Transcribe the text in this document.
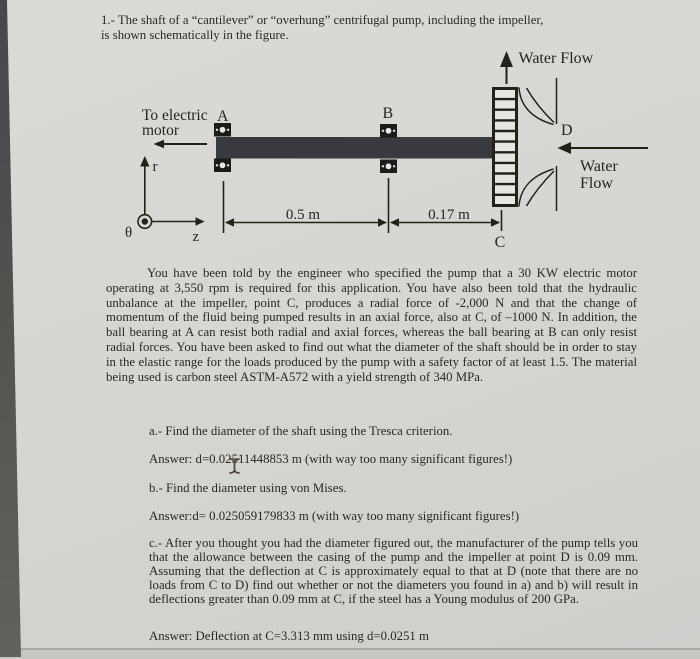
1.- The shaft of a “cantilever” or “overhung” centrifugal pump, including the impeller,
is shown schematically in the figure.
Water Flow
Water
Flow
To electric
motor
A	B
C
D
r
z
θ
0.5 m	0.17 m
You have been told by the engineer who specified the pump that a 30 KW electric motor operating at 3,550 rpm is required for this application. You have also been told that the hydraulic unbalance at the impeller, point C, produces a radial force of -2,000 N and that the change of momentum of the fluid being pumped results in an axial force, also at C, of –1000 N. In addition, the ball bearing at A can resist both radial and axial forces, whereas the ball bearing at B can only resist radial forces. You have been asked to find out what the diameter of the shaft should be in order to stay in the elastic range for the loads produced by the pump with a safety factor of at least 1.5. The material being used is carbon steel ASTM-A572 with a yield strength of 340 MPa.
a.- Find the diameter of the shaft using the Tresca criterion.
Answer: d=0.02511448853 m (with way too many significant figures!)
b.- Find the diameter using von Mises.
Answer:d= 0.025059179833 m (with way too many significant figures!)
c.- After you thought you had the diameter figured out, the manufacturer of the pump tells you that the allowance between the casing of the pump and the impeller at point D is 0.09 mm. Assuming that the deflection at C is approximately equal to that at D (note that there are no loads from C to D) find out whether or not the diameters you found in a) and b) will result in deflections greater than 0.09 mm at C, if the steel has a Young modulus of 200 GPa.
Answer: Deflection at C=3.313 mm using d=0.0251 m
